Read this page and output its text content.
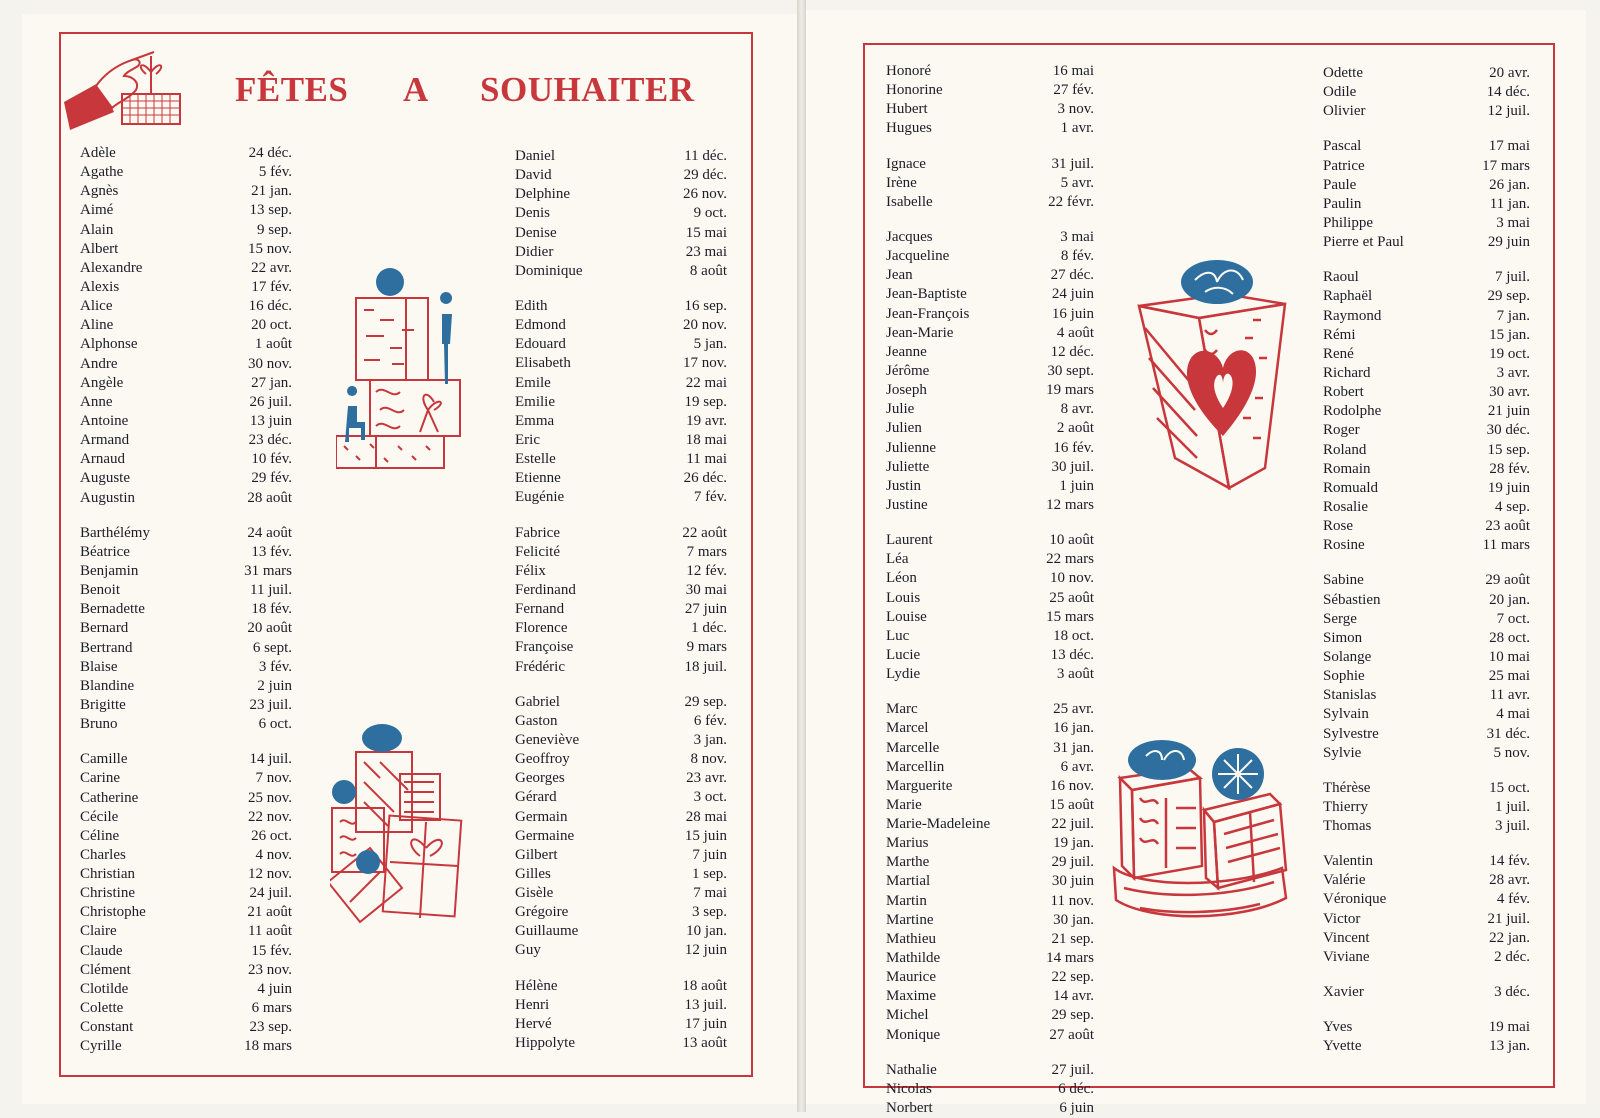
FÊTES A SOUHAITER
Adèle	24 déc.
Agathe	5 fév.
Agnès	21 jan.
Aimé	13 sep.
Alain	9 sep.
Albert	15 nov.
Alexandre	22 avr.
Alexis	17 fév.
Alice	16 déc.
Aline	20 oct.
Alphonse	1 août
Andre	30 nov.
Angèle	27 jan.
Anne	26 juil.
Antoine	13 juin
Armand	23 déc.
Arnaud	10 fév.
Auguste	29 fév.
Augustin	28 août
Barthélémy	24 août
Béatrice	13 fév.
Benjamin	31 mars
Benoit	11 juil.
Bernadette	18 fév.
Bernard	20 août
Bertrand	6 sept.
Blaise	3 fév.
Blandine	2 juin
Brigitte	23 juil.
Bruno	6 oct.
Camille	14 juil.
Carine	7 nov.
Catherine	25 nov.
Cécile	22 nov.
Céline	26 oct.
Charles	4 nov.
Christian	12 nov.
Christine	24 juil.
Christophe	21 août
Claire	11 août
Claude	15 fév.
Clément	23 nov.
Clotilde	4 juin
Colette	6 mars
Constant	23 sep.
Cyrille	18 mars
Daniel	11 déc.
David	29 déc.
Delphine	26 nov.
Denis	9 oct.
Denise	15 mai
Didier	23 mai
Dominique	8 août
Edith	16 sep.
Edmond	20 nov.
Edouard	5 jan.
Elisabeth	17 nov.
Emile	22 mai
Emilie	19 sep.
Emma	19 avr.
Eric	18 mai
Estelle	11 mai
Etienne	26 déc.
Eugénie	7 fév.
Fabrice	22 août
Felicité	7 mars
Félix	12 fév.
Ferdinand	30 mai
Fernand	27 juin
Florence	1 déc.
Françoise	9 mars
Frédéric	18 juil.
Gabriel	29 sep.
Gaston	6 fév.
Geneviève	3 jan.
Geoffroy	8 nov.
Georges	23 avr.
Gérard	3 oct.
Germain	28 mai
Germaine	15 juin
Gilbert	7 juin
Gilles	1 sep.
Gisèle	7 mai
Grégoire	3 sep.
Guillaume	10 jan.
Guy	12 juin
Hélène	18 août
Henri	13 juil.
Hervé	17 juin
Hippolyte	13 août
Honoré	16 mai
Honorine	27 fév.
Hubert	3 nov.
Hugues	1 avr.
Ignace	31 juil.
Irène	5 avr.
Isabelle	22 févr.
Jacques	3 mai
Jacqueline	8 fév.
Jean	27 déc.
Jean-Baptiste	24 juin
Jean-François	16 juin
Jean-Marie	4 août
Jeanne	12 déc.
Jérôme	30 sept.
Joseph	19 mars
Julie	8 avr.
Julien	2 août
Julienne	16 fév.
Juliette	30 juil.
Justin	1 juin
Justine	12 mars
Laurent	10 août
Léa	22 mars
Léon	10 nov.
Louis	25 août
Louise	15 mars
Luc	18 oct.
Lucie	13 déc.
Lydie	3 août
Marc	25 avr.
Marcel	16 jan.
Marcelle	31 jan.
Marcellin	6 avr.
Marguerite	16 nov.
Marie	15 août
Marie-Madeleine	22 juil.
Marius	19 jan.
Marthe	29 juil.
Martial	30 juin
Martin	11 nov.
Martine	30 jan.
Mathieu	21 sep.
Mathilde	14 mars
Maurice	22 sep.
Maxime	14 avr.
Michel	29 sep.
Monique	27 août
Nathalie	27 juil.
Nicolas	6 déc.
Norbert	6 juin
Odette	20 avr.
Odile	14 déc.
Olivier	12 juil.
Pascal	17 mai
Patrice	17 mars
Paule	26 jan.
Paulin	11 jan.
Philippe	3 mai
Pierre et Paul	29 juin
Raoul	7 juil.
Raphaël	29 sep.
Raymond	7 jan.
Rémi	15 jan.
René	19 oct.
Richard	3 avr.
Robert	30 avr.
Rodolphe	21 juin
Roger	30 déc.
Roland	15 sep.
Romain	28 fév.
Romuald	19 juin
Rosalie	4 sep.
Rose	23 août
Rosine	11 mars
Sabine	29 août
Sébastien	20 jan.
Serge	7 oct.
Simon	28 oct.
Solange	10 mai
Sophie	25 mai
Stanislas	11 avr.
Sylvain	4 mai
Sylvestre	31 déc.
Sylvie	5 nov.
Thérèse	15 oct.
Thierry	1 juil.
Thomas	3 juil.
Valentin	14 fév.
Valérie	28 avr.
Véronique	4 fév.
Victor	21 juil.
Vincent	22 jan.
Viviane	2 déc.
Xavier	3 déc.
Yves	19 mai
Yvette	13 jan.
